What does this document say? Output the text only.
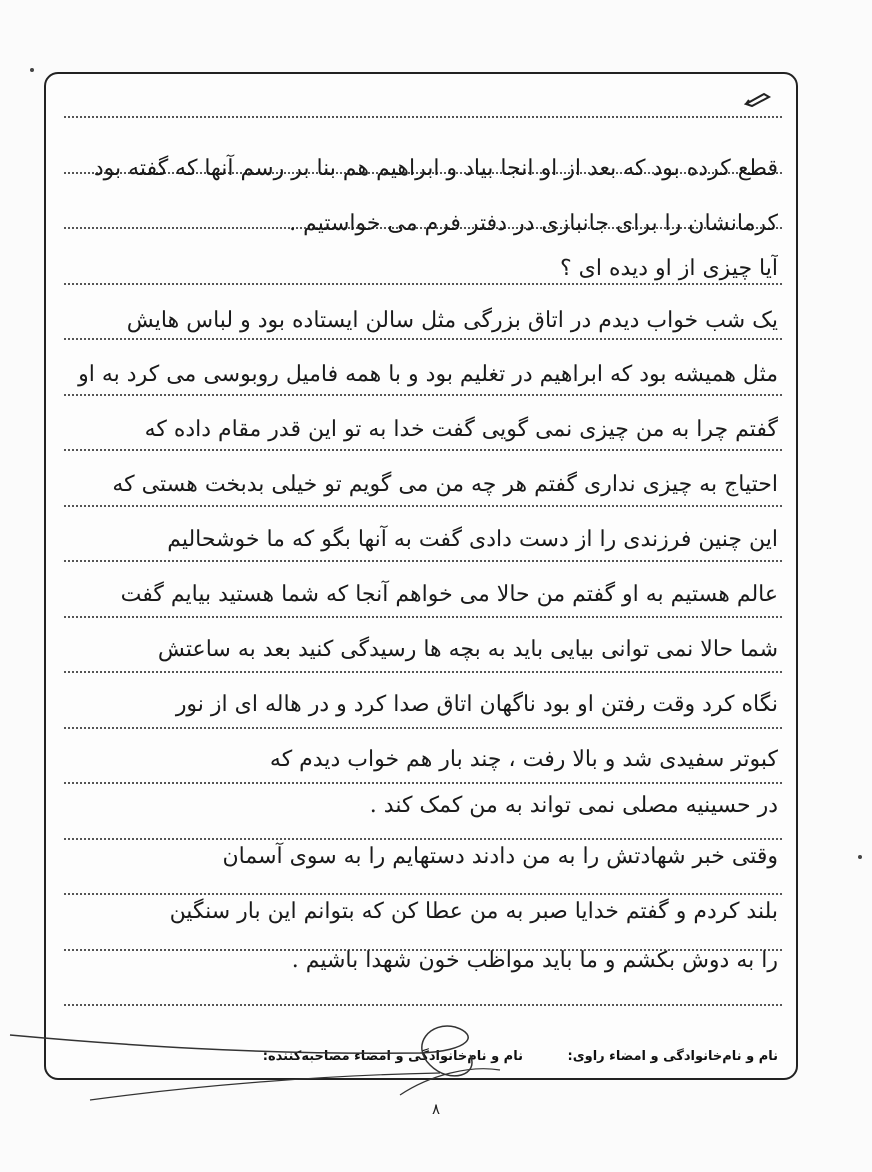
قطع کرده بود که بعد از او انجا بیاد و ابراهیم هم بنا بر رسم آنها که گفته بود
کرمانشان را برای جانبازی در دفتر فرم می خواستیم .
آیا چیزی از او دیده ای ؟
یک شب خواب دیدم در اتاق بزرگی مثل سالن ایستاده بود و لباس هایش
مثل همیشه بود که ابراهیم در تغلیم بود و با همه فامیل روبوسی می کرد به او
گفتم چرا به من چیزی نمی گویی گفت خدا به تو این قدر مقام داده که
احتیاج به چیزی نداری گفتم هر چه من می گویم تو خیلی بدبخت هستی که
این چنین فرزندی را از دست دادی گفت به آنها بگو که ما خوشحالیم
عالم هستیم به او گفتم من حالا می خواهم آنجا که شما هستید بیایم گفت
شما حالا نمی توانی بیایی باید به بچه ها رسیدگی کنید بعد به ساعتش
نگاه کرد وقت رفتن او بود ناگهان اتاق صدا کرد و در هاله ای از نور
کبوتر سفیدی شد و بالا رفت ، چند بار هم خواب دیدم که
در حسینیه مصلی نمی تواند به من کمک کند .
وقتی خبر شهادتش را به من دادند دستهایم را به سوی آسمان
بلند کردم و گفتم خدایا صبر به من عطا کن که بتوانم این بار سنگین
را به دوش بکشم و ما باید مواظب خون شهدا باشیم .
نام و نام‌خانوادگی و امضاء راوی: نام و نام‌خانوادگی و امضاء مصاحبه‌کننده:
۸
